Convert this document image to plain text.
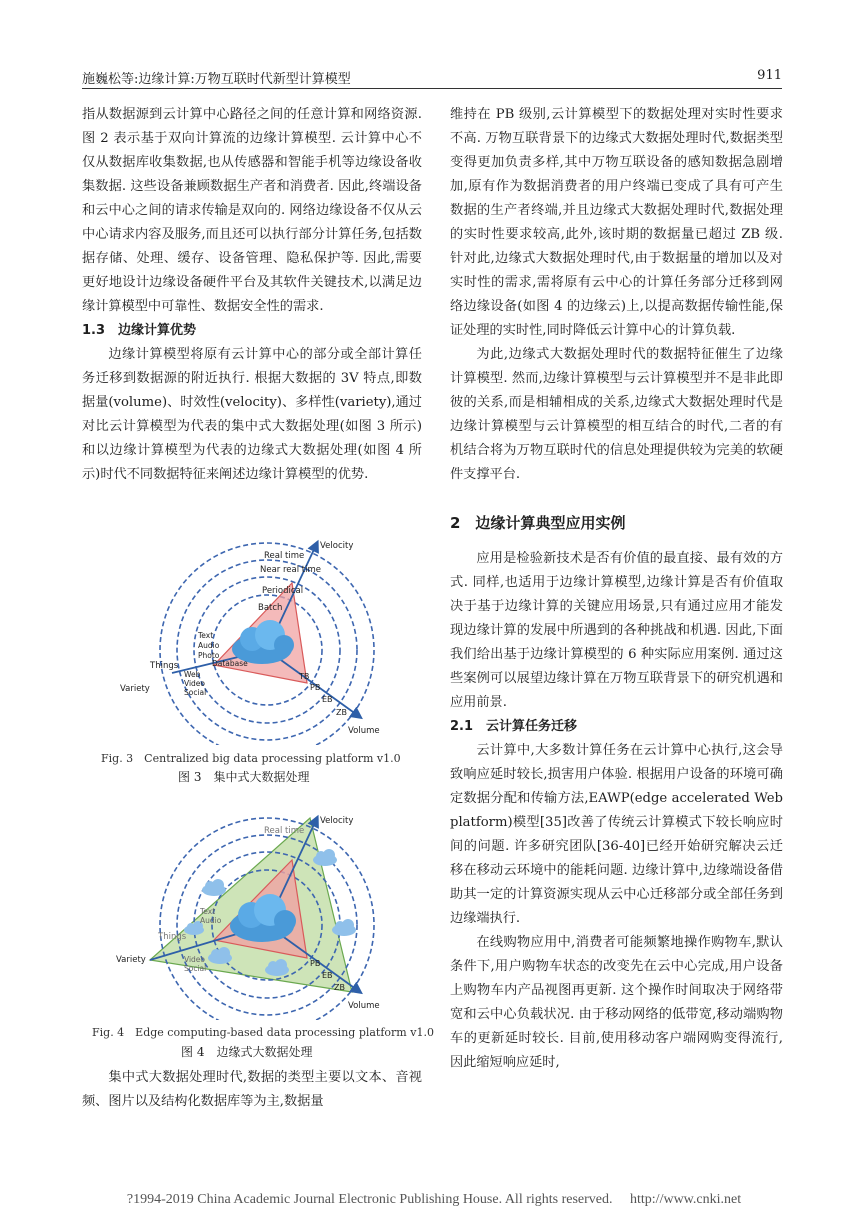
施巍松等:边缘计算:万物互联时代新型计算模型	911

指从数据源到云计算中心路径之间的任意计算和网络资源. 图 2 表示基于双向计算流的边缘计算模型. 云计算中心不仅从数据库收集数据,也从传感器和智能手机等边缘设备收集数据. 这些设备兼顾数据生产者和消费者. 因此,终端设备和云中心之间的请求传输是双向的. 网络边缘设备不仅从云中心请求内容及服务,而且还可以执行部分计算任务,包括数据存储、处理、缓存、设备管理、隐私保护等. 因此,需要更好地设计边缘设备硬件平台及其软件关键技术,以满足边缘计算模型中可靠性、数据安全性的需求.

1.3　边缘计算优势

边缘计算模型将原有云计算中心的部分或全部计算任务迁移到数据源的附近执行. 根据大数据的 3V 特点,即数据量(volume)、时效性(velocity)、多样性(variety),通过对比云计算模型为代表的集中式大数据处理(如图 3 所示)和以边缘计算模型为代表的边缘式大数据处理(如图 4 所示)时代不同数据特征来阐述边缘计算模型的优势.

Velocity
Real time
Near real time
Periodical
Batch
Text
Audio
Photo
Database
Things
Web
Video
Social
Variety
TB
PB
EB
ZB
Volume
Fig. 3　Centralized big data processing platform v1.0
图 3　集中式大数据处理
Velocity
Real time
Text
Audio
Things
Video
Social
Variety	PB
EB
ZB
Volume
Fig. 4　Edge computing-based data processing platform v1.0
图 4　边缘式大数据处理

集中式大数据处理时代,数据的类型主要以文本、音视频、图片以及结构化数据库等为主,数据量

维持在 PB 级别,云计算模型下的数据处理对实时性要求不高. 万物互联背景下的边缘式大数据处理时代,数据类型变得更加负责多样,其中万物互联设备的感知数据急剧增加,原有作为数据消费者的用户终端已变成了具有可产生数据的生产者终端,并且边缘式大数据处理时代,数据处理的实时性要求较高,此外,该时期的数据量已超过 ZB 级. 针对此,边缘式大数据处理时代,由于数据量的增加以及对实时性的需求,需将原有云中心的计算任务部分迁移到网络边缘设备(如图 4 的边缘云)上,以提高数据传输性能,保证处理的实时性,同时降低云计算中心的计算负载.

为此,边缘式大数据处理时代的数据特征催生了边缘计算模型. 然而,边缘计算模型与云计算模型并不是非此即彼的关系,而是相辅相成的关系,边缘式大数据处理时代是边缘计算模型与云计算模型的相互结合的时代,二者的有机结合将为万物互联时代的信息处理提供较为完美的软硬件支撑平台.

2　边缘计算典型应用实例

应用是检验新技术是否有价值的最直接、最有效的方式. 同样,也适用于边缘计算模型,边缘计算是否有价值取决于基于边缘计算的关键应用场景,只有通过应用才能发现边缘计算的发展中所遇到的各种挑战和机遇. 因此,下面我们给出基于边缘计算模型的 6 种实际应用案例. 通过这些案例可以展望边缘计算在万物互联背景下的研究机遇和应用前景.

2.1　云计算任务迁移

云计算中,大多数计算任务在云计算中心执行,这会导致响应延时较长,损害用户体验. 根据用户设备的环境可确定数据分配和传输方法,EAWP(edge accelerated Web platform)模型[35]改善了传统云计算模式下较长响应时间的问题. 许多研究团队[36-40]已经开始研究解决云迁移在移动云环境中的能耗问题. 边缘计算中,边缘端设备借助其一定的计算资源实现从云中心迁移部分或全部任务到边缘端执行.

在线购物应用中,消费者可能频繁地操作购物车,默认条件下,用户购物车状态的改变先在云中心完成,用户设备上购物车内产品视图再更新. 这个操作时间取决于网络带宽和云中心负载状况. 由于移动网络的低带宽,移动端购物车的更新延时较长. 目前,使用移动客户端网购变得流行,因此缩短响应延时,

?1994-2019 China Academic Journal Electronic Publishing House. All rights reserved.　 http://www.cnki.net
